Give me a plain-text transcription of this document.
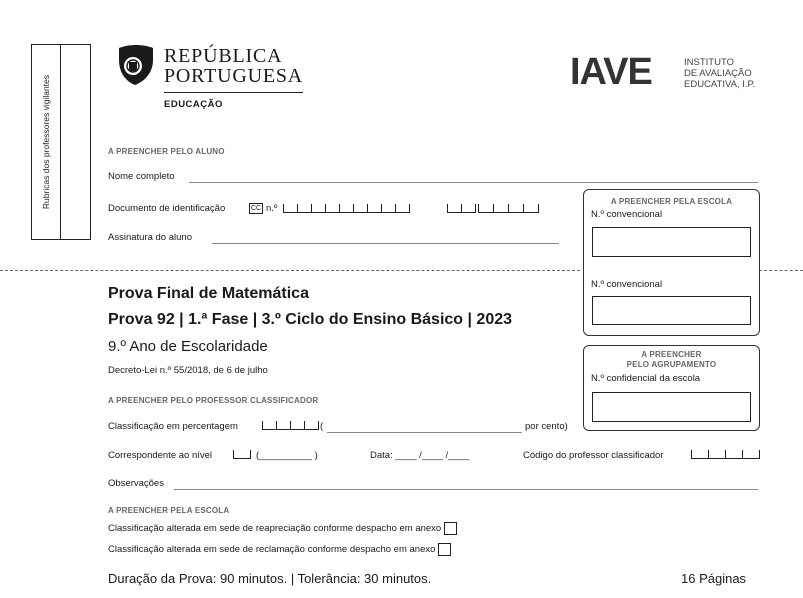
Rubricas dos professores vigilantes
REPÚBLICA
PORTUGUESA
EDUCAÇÃO
IAVE	INSTITUTO
DE AVALIAÇÃO
EDUCATIVA, I.P.
A PREENCHER PELO ALUNO
Nome completo
Documento de identificação	CC n.º
Assinatura do aluno
A PREENCHER PELA ESCOLA
N.º convencional
N.º convencional
A PREENCHER
PELO AGRUPAMENTO
N.º confidencial da escola
Prova Final de Matemática
Prova 92 | 1.ª Fase | 3.º Ciclo do Ensino Básico | 2023
9.º Ano de Escolaridade
Decreto-Lei n.º 55/2018, de 6 de julho
A PREENCHER PELO PROFESSOR CLASSIFICADOR
Classificação em percentagem	(	por cento)
Correspondente ao nível	(__________ )	Data: ____ /____ /____	Código do professor classificador
Observações
A PREENCHER PELA ESCOLA
Classificação alterada em sede de reapreciação conforme despacho em anexo
Classificação alterada em sede de reclamação conforme despacho em anexo
Duração da Prova: 90 minutos. | Tolerância: 30 minutos.	16 Páginas
